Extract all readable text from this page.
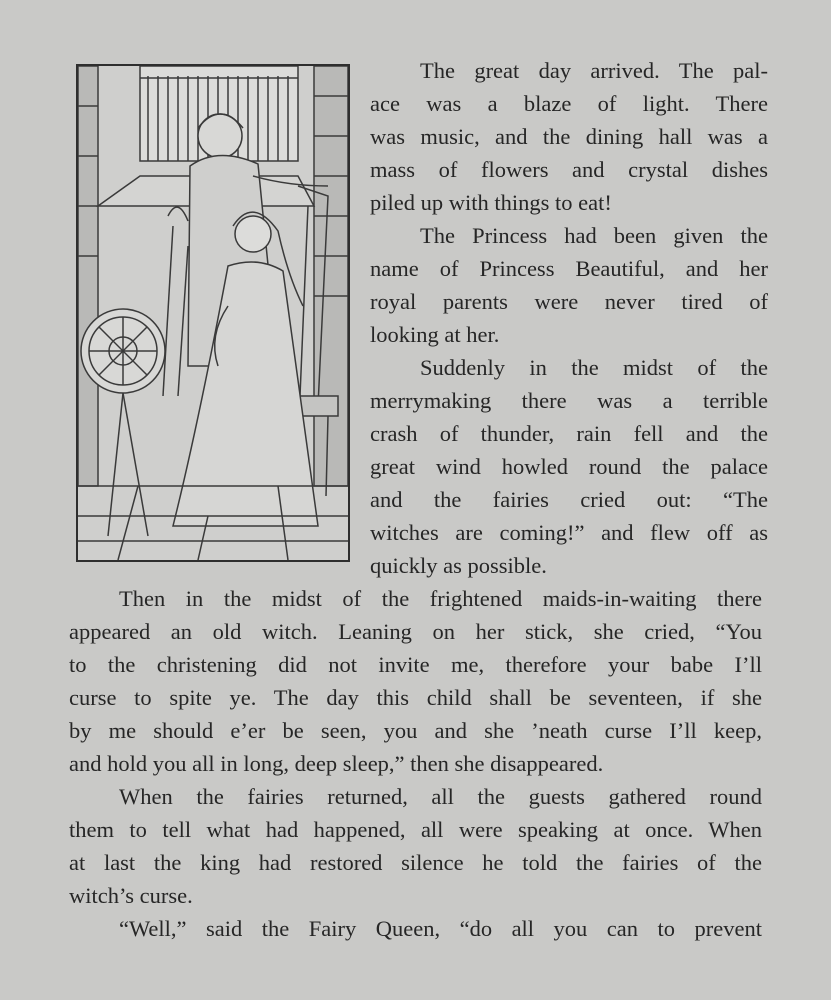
The great day arrived. The pal-

ace was a blaze of light. There

was music, and the dining hall was a

mass of flowers and crystal dishes

piled up with things to eat!

The Princess had been given the

name of Princess Beautiful, and her

royal parents were never tired of

looking at her.

Suddenly in the midst of the

merrymaking there was a terrible

crash of thunder, rain fell and the

great wind howled round the palace

and the fairies cried out: “The

witches are coming!” and flew off as

quickly as possible.

Then in the midst of the frightened maids-in-waiting there

appeared an old witch. Leaning on her stick, she cried, “You

to the christening did not invite me, therefore your babe I’ll

curse to spite ye. The day this child shall be seventeen, if she

by me should e’er be seen, you and she ’neath curse I’ll keep,

and hold you all in long, deep sleep,” then she disappeared.

When the fairies returned, all the guests gathered round

them to tell what had happened, all were speaking at once. When

at last the king had restored silence he told the fairies of the

witch’s curse.

“Well,” said the Fairy Queen, “do all you can to prevent
